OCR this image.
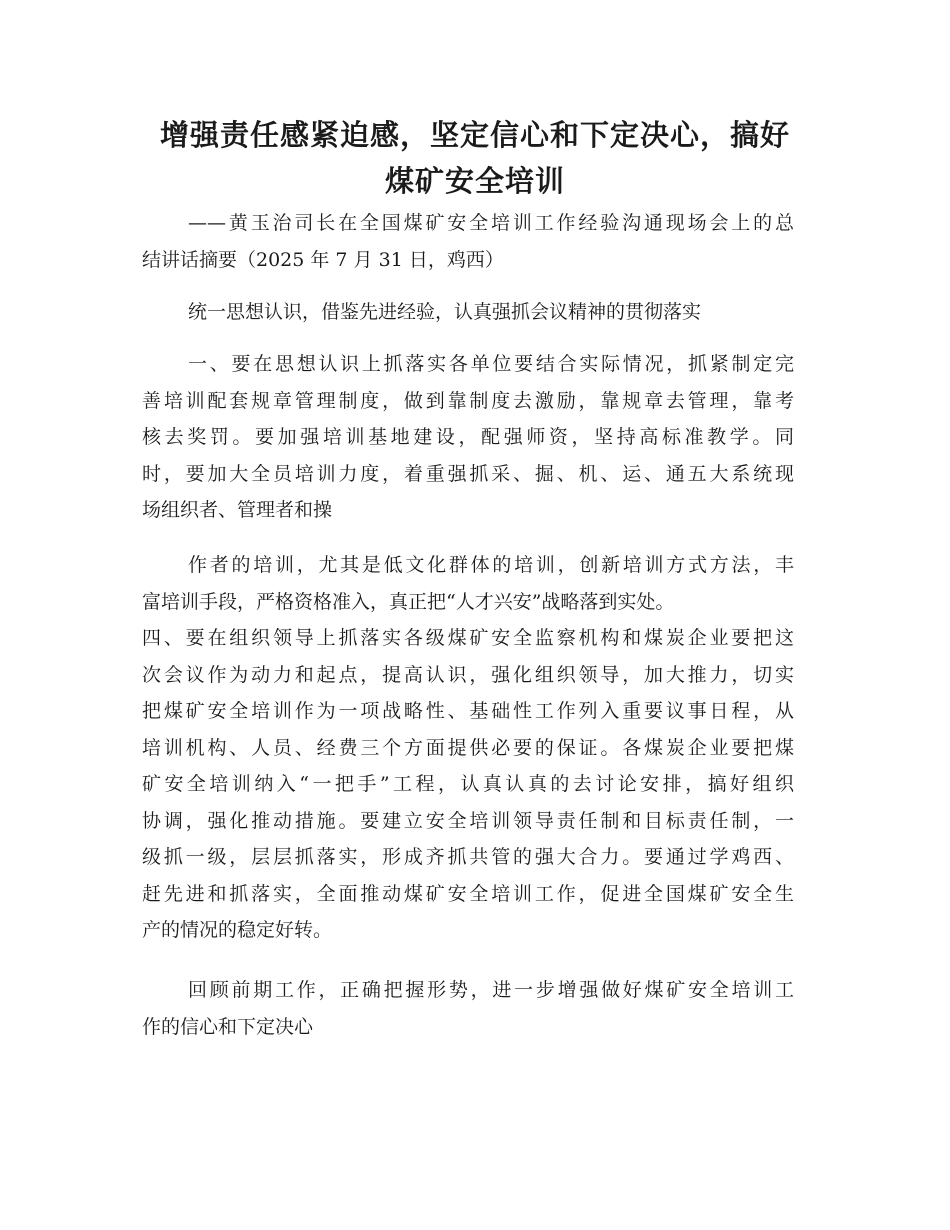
增强责任感紧迫感，坚定信心和下定决心，搞好
煤矿安全培训
——黄玉治司长在全国煤矿安全培训工作经验沟通现场会上的总
结讲话摘要（2025 年 7 月 31 日，鸡西）
统一思想认识，借鉴先进经验，认真强抓会议精神的贯彻落实
一、要在思想认识上抓落实各单位要结合实际情况，抓紧制定完
善培训配套规章管理制度，做到靠制度去激励，靠规章去管理，靠考
核去奖罚。要加强培训基地建设，配强师资，坚持高标准教学。同
时，要加大全员培训力度，着重强抓采、掘、机、运、通五大系统现
场组织者、管理者和操
作者的培训，尤其是低文化群体的培训，创新培训方式方法，丰
富培训手段，严格资格准入，真正把“人才兴安”战略落到实处。
四、要在组织领导上抓落实各级煤矿安全监察机构和煤炭企业要把这
次会议作为动力和起点，提高认识，强化组织领导，加大推力，切实
把煤矿安全培训作为一项战略性、基础性工作列入重要议事日程，从
培训机构、人员、经费三个方面提供必要的保证。各煤炭企业要把煤
矿安全培训纳入“一把手”工程，认真认真的去讨论安排，搞好组织
协调，强化推动措施。要建立安全培训领导责任制和目标责任制，一
级抓一级，层层抓落实，形成齐抓共管的强大合力。要通过学鸡西、
赶先进和抓落实，全面推动煤矿安全培训工作，促进全国煤矿安全生
产的情况的稳定好转。
回顾前期工作，正确把握形势，进一步增强做好煤矿安全培训工
作的信心和下定决心
